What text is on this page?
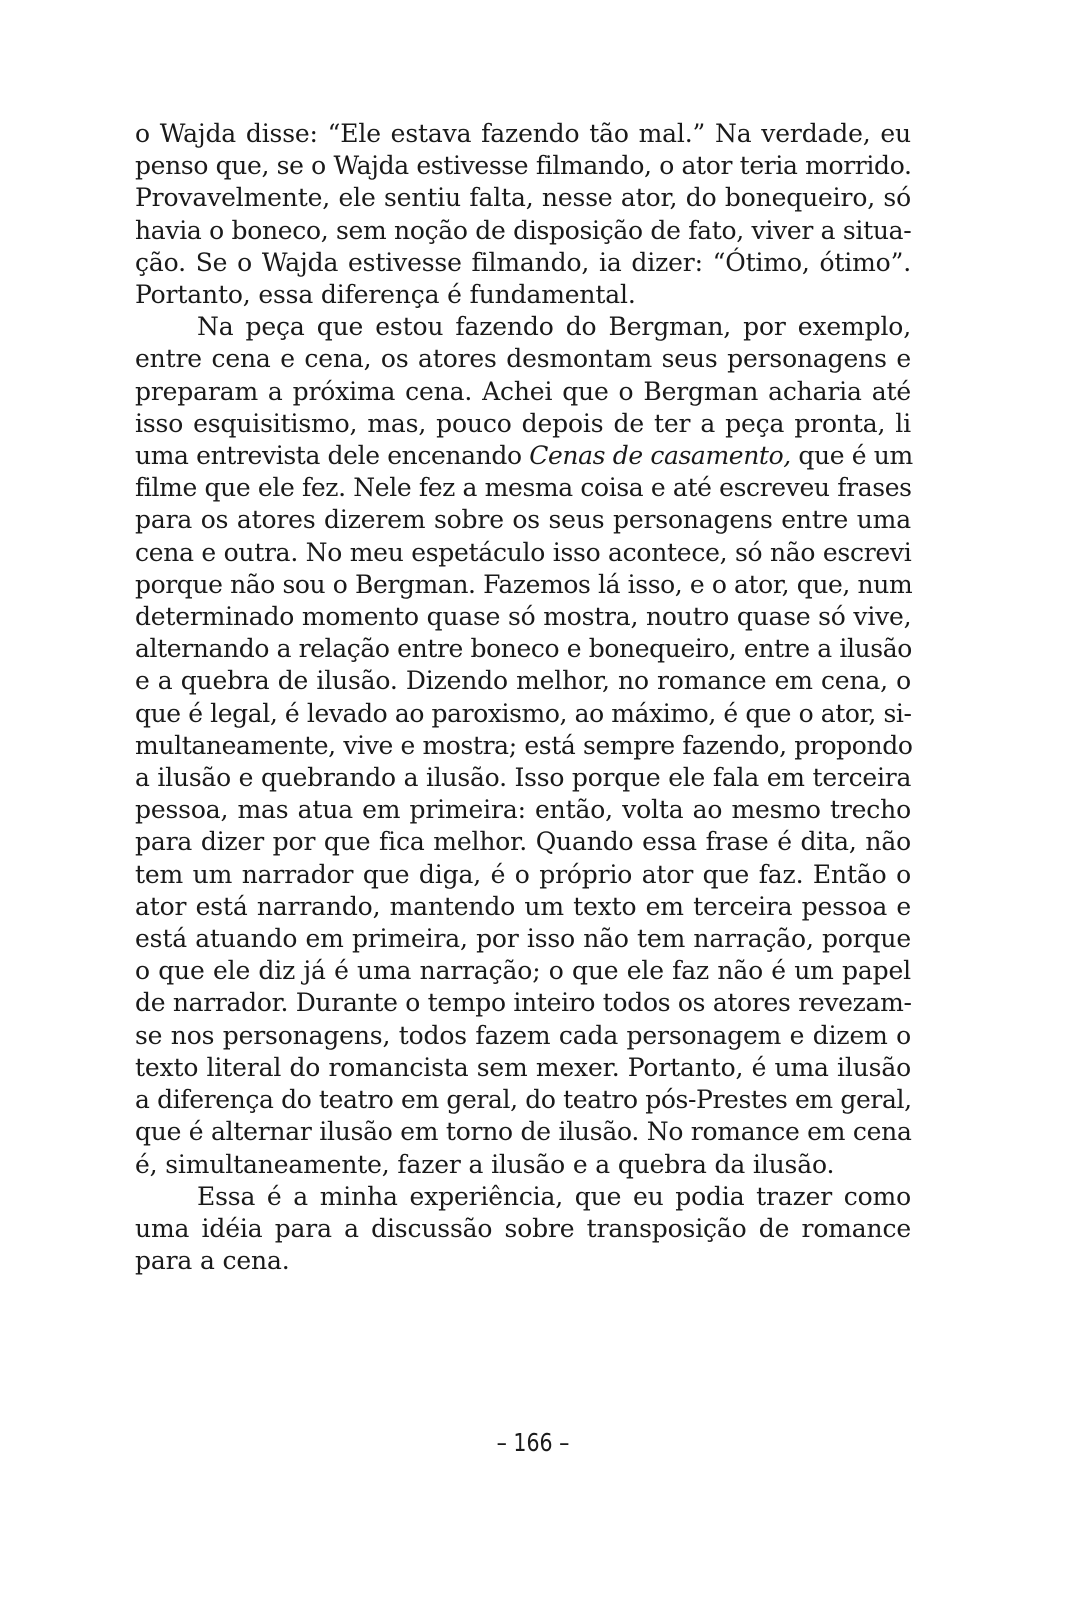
o Wajda disse: “Ele estava fazendo tão mal.” Na verdade, eu
penso que, se o Wajda estivesse filmando, o ator teria morrido.
Provavelmente, ele sentiu falta, nesse ator, do bonequeiro, só
havia o boneco, sem noção de disposição de fato, viver a situa-
ção. Se o Wajda estivesse filmando, ia dizer: “Ótimo, ótimo”.
Portanto, essa diferença é fundamental.
Na peça que estou fazendo do Bergman, por exemplo,
entre cena e cena, os atores desmontam seus personagens e
preparam a próxima cena. Achei que o Bergman acharia até
isso esquisitismo, mas, pouco depois de ter a peça pronta, li
uma entrevista dele encenando Cenas de casamento, que é um
filme que ele fez. Nele fez a mesma coisa e até escreveu frases
para os atores dizerem sobre os seus personagens entre uma
cena e outra. No meu espetáculo isso acontece, só não escrevi
porque não sou o Bergman. Fazemos lá isso, e o ator, que, num
determinado momento quase só mostra, noutro quase só vive,
alternando a relação entre boneco e bonequeiro, entre a ilusão
e a quebra de ilusão. Dizendo melhor, no romance em cena, o
que é legal, é levado ao paroxismo, ao máximo, é que o ator, si-
multaneamente, vive e mostra; está sempre fazendo, propondo
a ilusão e quebrando a ilusão. Isso porque ele fala em terceira
pessoa, mas atua em primeira: então, volta ao mesmo trecho
para dizer por que fica melhor. Quando essa frase é dita, não
tem um narrador que diga, é o próprio ator que faz. Então o
ator está narrando, mantendo um texto em terceira pessoa e
está atuando em primeira, por isso não tem narração, porque
o que ele diz já é uma narração; o que ele faz não é um papel
de narrador. Durante o tempo inteiro todos os atores revezam-
se nos personagens, todos fazem cada personagem e dizem o
texto literal do romancista sem mexer. Portanto, é uma ilusão
a diferença do teatro em geral, do teatro pós-Prestes em geral,
que é alternar ilusão em torno de ilusão. No romance em cena
é, simultaneamente, fazer a ilusão e a quebra da ilusão.
Essa é a minha experiência, que eu podia trazer como
uma idéia para a discussão sobre transposição de romance
para a cena.
– 166 –
